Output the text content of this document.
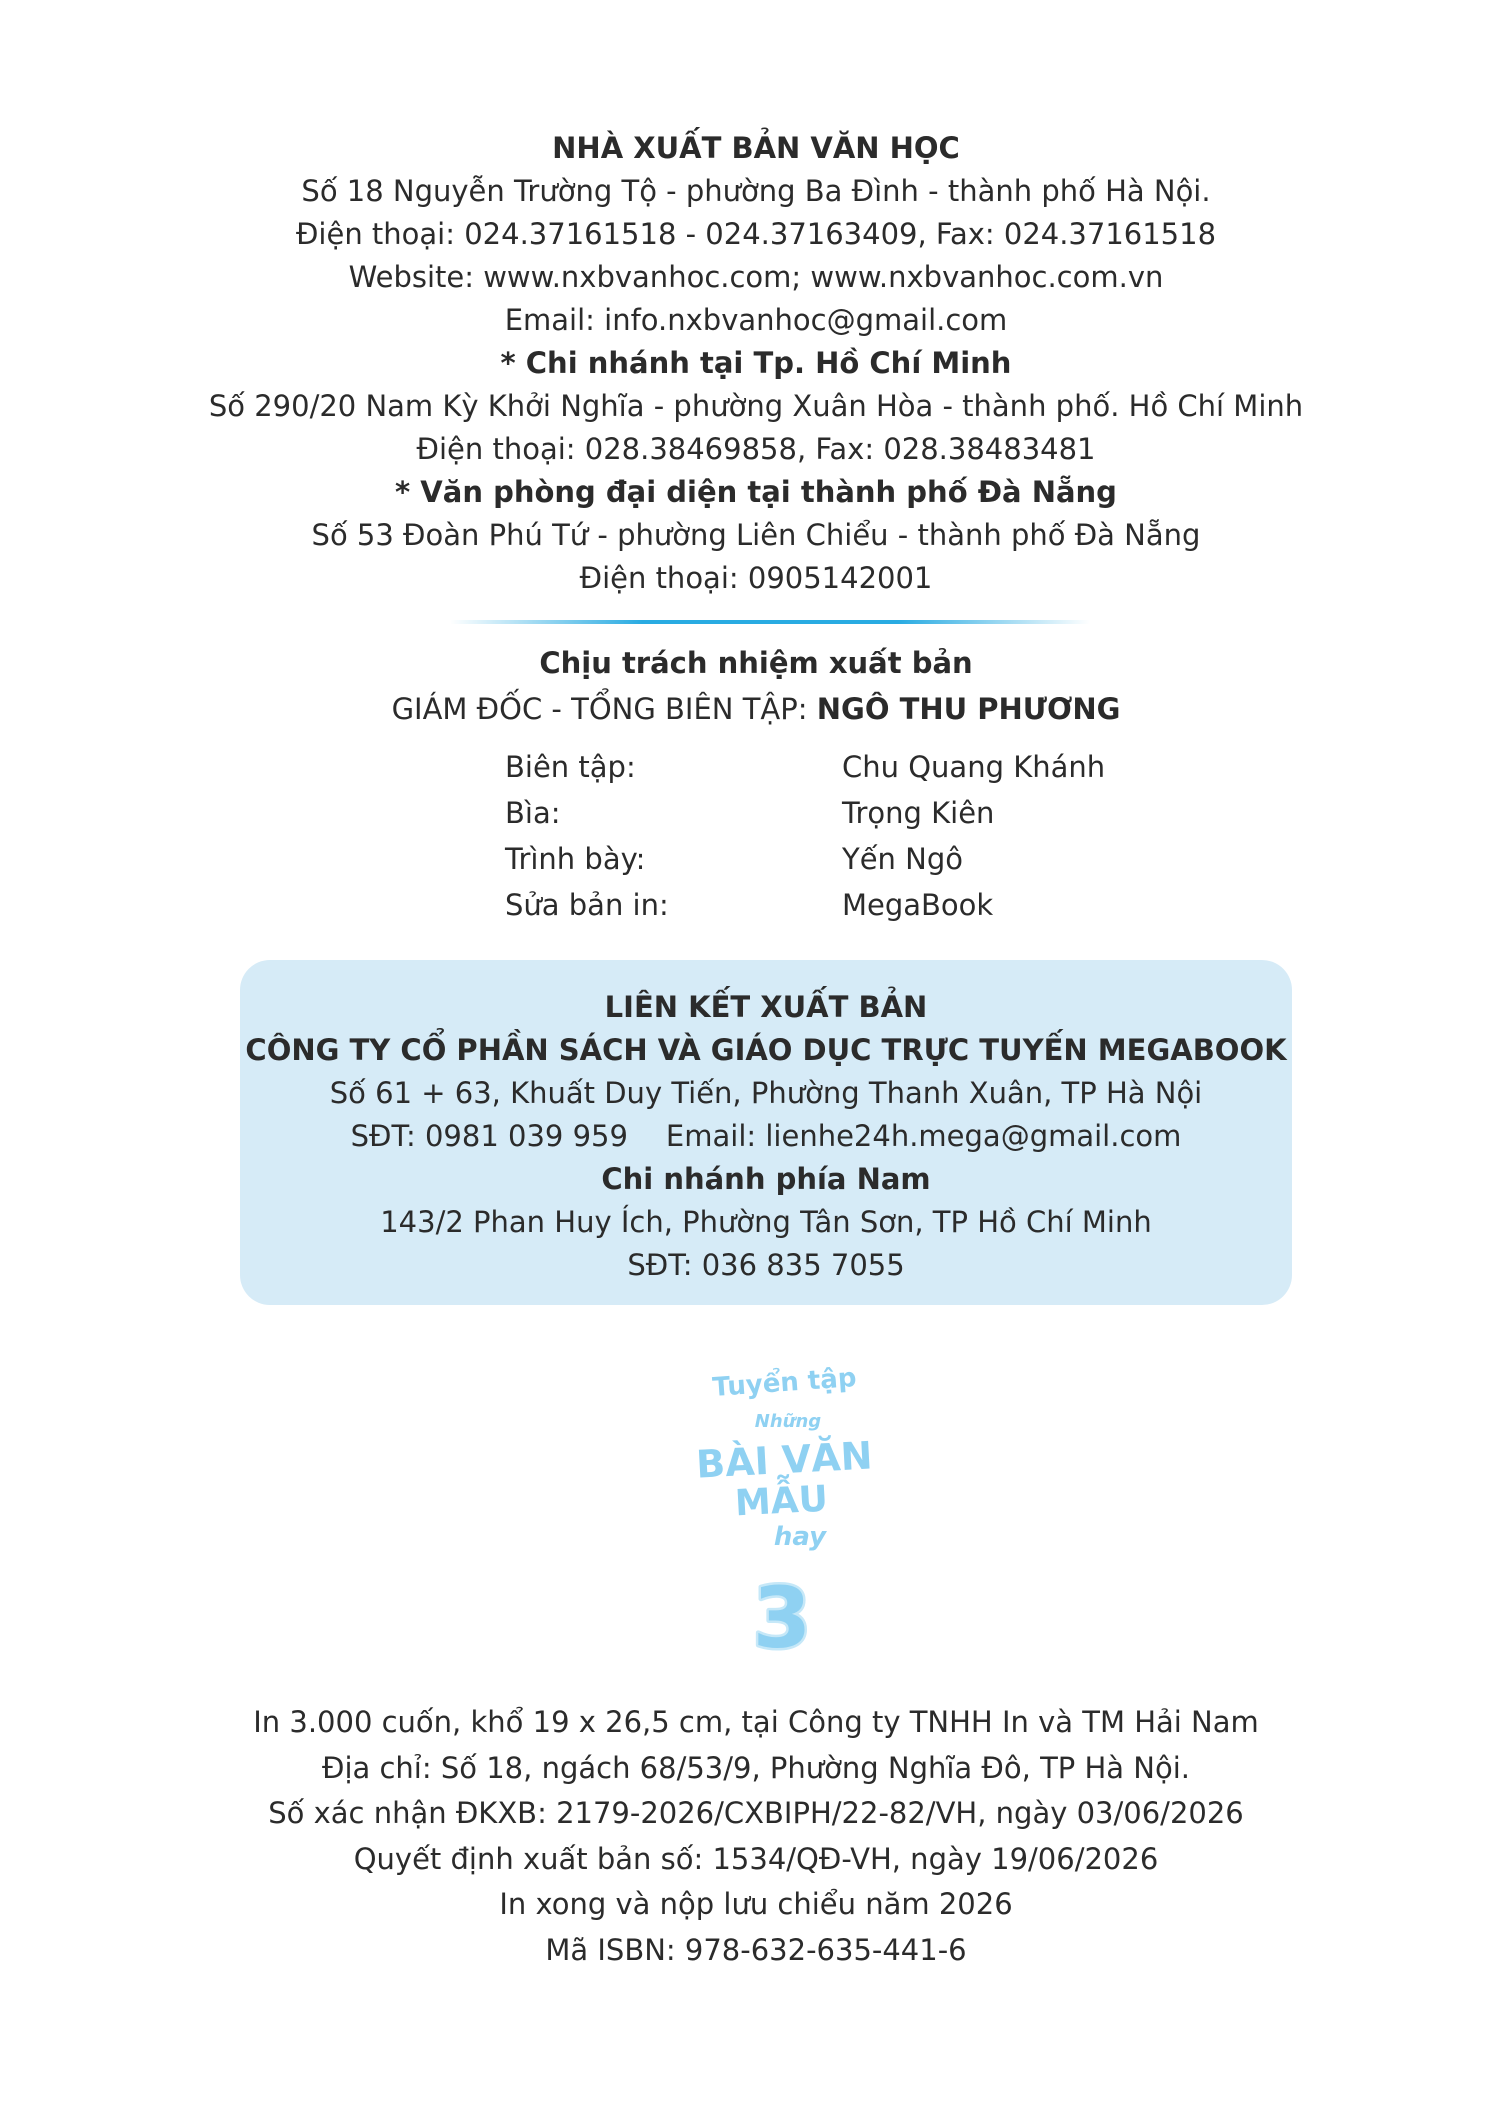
NHÀ XUẤT BẢN VĂN HỌC
Số 18 Nguyễn Trường Tộ - phường Ba Đình - thành phố Hà Nội.
Điện thoại: 024.37161518 - 024.37163409, Fax: 024.37161518
Website: www.nxbvanhoc.com; www.nxbvanhoc.com.vn
Email: info.nxbvanhoc@gmail.com
* Chi nhánh tại Tp. Hồ Chí Minh
Số 290/20 Nam Kỳ Khởi Nghĩa - phường Xuân Hòa - thành phố. Hồ Chí Minh
Điện thoại: 028.38469858, Fax: 028.38483481
* Văn phòng đại diện tại thành phố Đà Nẵng
Số 53 Đoàn Phú Tứ - phường Liên Chiểu - thành phố Đà Nẵng
Điện thoại: 0905142001
Chịu trách nhiệm xuất bản
GIÁM ĐỐC - TỔNG BIÊN TẬP: NGÔ THU PHƯƠNG
Biên tập:	Chu Quang Khánh
Bìa:	Trọng Kiên
Trình bày:	Yến Ngô
Sửa bản in:	MegaBook
LIÊN KẾT XUẤT BẢN
CÔNG TY CỔ PHẦN SÁCH VÀ GIÁO DỤC TRỰC TUYẾN MEGABOOK
Số 61 + 63, Khuất Duy Tiến, Phường Thanh Xuân, TP Hà Nội
SĐT: 0981 039 959 Email: lienhe24h.mega@gmail.com
Chi nhánh phía Nam
143/2 Phan Huy Ích, Phường Tân Sơn, TP Hồ Chí Minh
SĐT: 036 835 7055
Tuyển tập
Những
BÀI VĂN
MẪU
hay
3
In 3.000 cuốn, khổ 19 x 26,5 cm, tại Công ty TNHH In và TM Hải Nam
Địa chỉ: Số 18, ngách 68/53/9, Phường Nghĩa Đô, TP Hà Nội.
Số xác nhận ĐKXB: 2179-2026/CXBIPH/22-82/VH, ngày 03/06/2026
Quyết định xuất bản số: 1534/QĐ-VH, ngày 19/06/2026
In xong và nộp lưu chiểu năm 2026
Mã ISBN: 978-632-635-441-6
